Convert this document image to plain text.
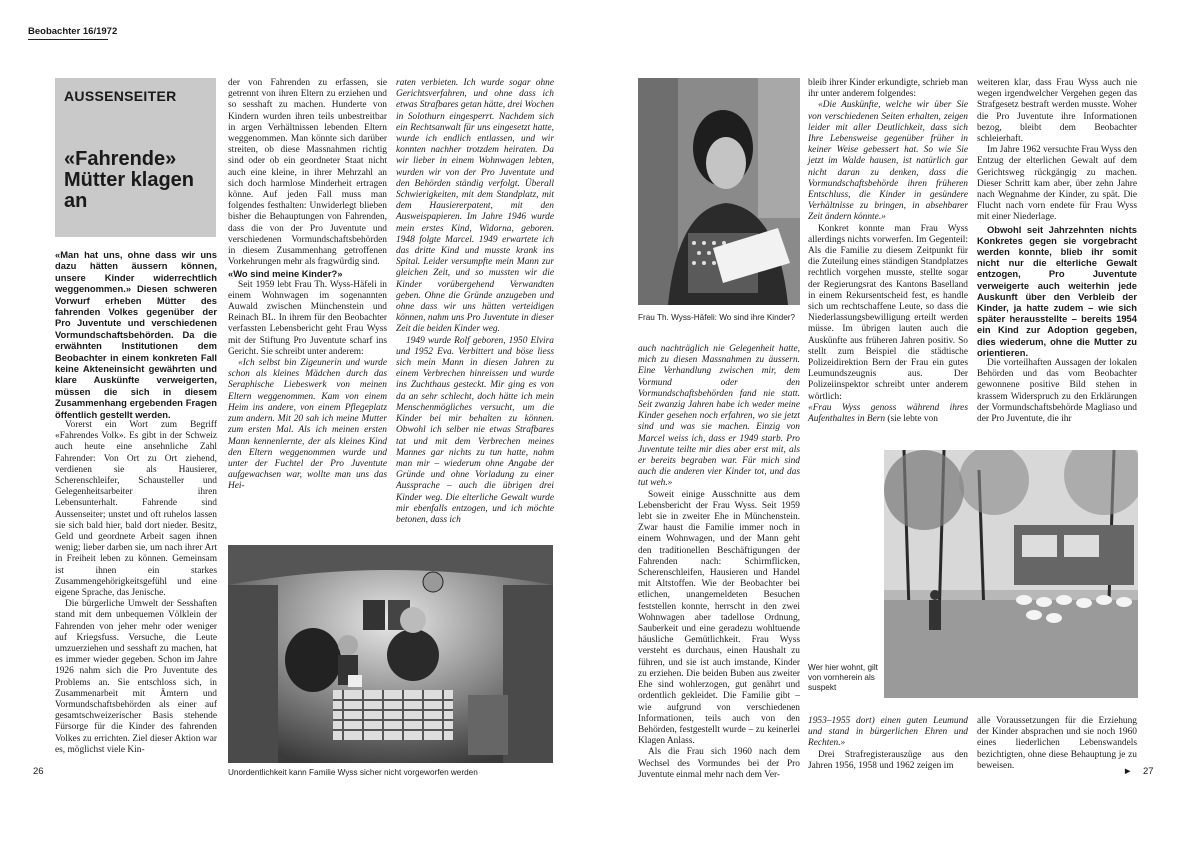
Beobachter 16/1972
AUSSENSEITER
«Fahrende» Mütter klagen an
«Man hat uns, ohne dass wir uns dazu hätten äussern können, unsere Kinder widerrechtlich weggenommen.» Diesen schweren Vorwurf erheben Mütter des fahrenden Volkes gegenüber der Pro Juventute und verschiedenen Vormundschaftsbehörden. Da die erwähnten Institutionen dem Beobachter in einem konkreten Fall keine Akteneinsicht gewährten und klare Auskünfte verweigerten, müssen die sich in diesem Zusammenhang ergebenden Fragen öffentlich gestellt werden.

Vorerst ein Wort zum Begriff «Fahrendes Volk». Es gibt in der Schweiz auch heute eine ansehnliche Zahl Fahrender: Von Ort zu Ort ziehend, verdienen sie als Hausierer, Scherenschleifer, Schausteller und Gelegenheitsarbeiter ihren Lebensunterhalt. Fahrende sind Aussenseiter; unstet und oft ruhelos lassen sie sich bald hier, bald dort nieder. Besitz, Geld und geordnete Arbeit sagen ihnen wenig; lieber darben sie, um nach ihrer Art in Freiheit leben zu können. Gemeinsam ist ihnen ein starkes Zusammengehörigkeitsgefühl und eine eigene Sprache, das Jenische.

Die bürgerliche Umwelt der Sesshaften stand mit dem unbequemen Völklein der Fahrenden von jeher mehr oder weniger auf Kriegsfuss. Versuche, die Leute umzuerziehen und sesshaft zu machen, hat es immer wieder gegeben. Schon im Jahre 1926 nahm sich die Pro Juventute des Problems an. Sie entschloss sich, in Zusammenarbeit mit Ämtern und Vormundschaftsbehörden als einer auf gesamtschweizerischer Basis stehende Fürsorge für die Kinder des fahrenden Volkes zu errichten. Ziel dieser Aktion war es, möglichst viele Kin-

der von Fahrenden zu erfassen, sie getrennt von ihren Eltern zu erziehen und so sesshaft zu machen. Hunderte von Kindern wurden ihren teils unbestreitbar in argen Verhältnissen lebenden Eltern weggenommen. Man könnte sich darüber streiten, ob diese Massnahmen richtig sind oder ob ein geordneter Staat nicht auch eine kleine, in ihrer Mehrzahl an sich doch harmlose Minderheit ertragen könne. Auf jeden Fall muss man folgendes festhalten: Unwiderlegt blieben bisher die Behauptungen von Fahrenden, dass die von der Pro Juventute und verschiedenen Vormundschaftsbehörden in diesem Zusammenhang getroffenen Vorkehrungen mehr als fragwürdig sind.

«Wo sind meine Kinder?»

Seit 1959 lebt Frau Th. Wyss-Häfeli in einem Wohnwagen im sogenannten Auwald zwischen Münchenstein und Reinach BL. In ihrem für den Beobachter verfassten Lebensbericht geht Frau Wyss mit der Stiftung Pro Juventute scharf ins Gericht. Sie schreibt unter anderem:

«Ich selbst bin Zigeunerin und wurde schon als kleines Mädchen durch das Seraphische Liebeswerk von meinen Eltern weggenommen. Kam von einem Heim ins andere, von einem Pflegeplatz zum andern. Mit 20 sah ich meine Mutter zum ersten Mal. Als ich meinen ersten Mann kennenlernte, der als kleines Kind den Eltern weggenommen wurde und unter der Fuchtel der Pro Juventute aufgewachsen war, wollte man uns das Hei-

raten verbieten. Ich wurde sogar ohne Gerichtsverfahren, und ohne dass ich etwas Strafbares getan hätte, drei Wochen in Solothurn eingesperrt. Nachdem sich ein Rechtsanwalt für uns eingesetzt hatte, wurde ich endlich entlassen, und wir konnten nachher trotzdem heiraten. Da wir lieber in einem Wohnwagen lebten, wurden wir von der Pro Juventute und den Behörden ständig verfolgt. Überall Schwierigkeiten, mit dem Standplatz, mit dem Hausiererpatent, mit den Ausweispapieren. Im Jahre 1946 wurde mein erstes Kind, Widorna, geboren. 1948 folgte Marcel. 1949 erwartete ich das dritte Kind und musste krank ins Spital. Leider versumpfte mein Mann zur gleichen Zeit, und so mussten wir die Kinder vorübergehend Verwandten geben. Ohne die Gründe anzugeben und ohne dass wir uns hätten verteidigen können, nahm uns Pro Juventute in dieser Zeit die beiden Kinder weg.

1949 wurde Rolf geboren, 1950 Elvira und 1952 Eva. Verbittert und böse liess sich mein Mann in diesen Jahren zu einem Verbrechen hinreissen und wurde ins Zuchthaus gesteckt. Mir ging es von da an sehr schlecht, doch hätte ich mein Menschenmögliches versucht, um die Kinder bei mir behalten zu können. Obwohl ich selber nie etwas Strafbares tat und mit dem Verbrechen meines Mannes gar nichts zu tun hatte, nahm man mir – wiederum ohne Angabe der Gründe und ohne Vorladung zu einer Aussprache – auch die übrigen drei Kinder weg. Die elterliche Gewalt wurde mir ebenfalls entzogen, und ich möchte betonen, dass ich

Unordentlichkeit kann Familie Wyss sicher nicht vorgeworfen werden
26
Frau Th. Wyss-Häfeli: Wo sind ihre Kinder?

auch nachträglich nie Gelegenheit hatte, mich zu diesen Massnahmen zu äussern. Eine Verhandlung zwischen mir, dem Vormund oder den Vormundschaftsbehörden fand nie statt. Seit zwanzig Jahren habe ich weder meine Kinder gesehen noch erfahren, wo sie jetzt sind und was sie machen. Einzig von Marcel weiss ich, dass er 1949 starb. Pro Juventute teilte mir dies aber erst mit, als er bereits begraben war. Für mich sind auch die anderen vier Kinder tot, und das tut weh.»

Soweit einige Ausschnitte aus dem Lebensbericht der Frau Wyss. Seit 1959 lebt sie in zweiter Ehe in Münchenstein. Zwar haust die Familie immer noch in einem Wohnwagen, und der Mann geht den traditionellen Beschäftigungen der Fahrenden nach: Schirmflicken, Scherenschleifen, Hausieren und Handel mit Altstoffen. Wie der Beobachter bei etlichen, unangemeldeten Besuchen feststellen konnte, herrscht in den zwei Wohnwagen aber tadellose Ordnung, Sauberkeit und eine geradezu wohltuende häusliche Gemütlichkeit. Frau Wyss versteht es durchaus, einen Haushalt zu führen, und sie ist auch imstande, Kinder zu erziehen. Die beiden Buben aus zweiter Ehe sind wohlerzogen, gut genährt und ordentlich gekleidet. Die Familie gibt – wie aufgrund von verschiedenen Informationen, teils auch von den Behörden, festgestellt wurde – zu keinerlei Klagen Anlass.

Als die Frau sich 1960 nach dem Wechsel des Vormundes bei der Pro Juventute einmal mehr nach dem Ver-

bleib ihrer Kinder erkundigte, schrieb man ihr unter anderem folgendes:

«Die Auskünfte, welche wir über Sie von verschiedenen Seiten erhalten, zeigen leider mit aller Deutlichkeit, dass sich Ihre Lebensweise gegenüber früher in keiner Weise gebessert hat. So wie Sie jetzt im Walde hausen, ist natürlich gar nicht daran zu denken, dass die Vormundschaftsbehörde ihren früheren Entschluss, die Kinder in gesündere Verhältnisse zu bringen, in absehbarer Zeit ändern könnte.»

Konkret konnte man Frau Wyss allerdings nichts vorwerfen. Im Gegenteil: Als die Familie zu diesem Zeitpunkt für die Zuteilung eines ständigen Standplatzes rechtlich vorgehen musste, stellte sogar der Regierungsrat des Kantons Baselland in einem Rekursentscheid fest, es handle sich um rechtschaffene Leute, so dass die Niederlassungsbewilligung erteilt werden müsse. Im übrigen lauten auch die Auskünfte aus früheren Jahren positiv. So stellt zum Beispiel die städtische Polizeidirektion Bern der Frau ein gutes Leumundszeugnis aus. Der Polizeiinspektor schreibt unter anderem wörtlich:

«Frau Wyss genoss während ihres Aufenthaltes in Bern (sie lebte von

weiteren klar, dass Frau Wyss auch nie wegen irgendwelcher Vergehen gegen das Strafgesetz bestraft werden musste. Woher die Pro Juventute ihre Informationen bezog, bleibt dem Beobachter schleierhaft.

Im Jahre 1962 versuchte Frau Wyss den Entzug der elterlichen Gewalt auf dem Gerichtsweg rückgängig zu machen. Dieser Schritt kam aber, über zehn Jahre nach Wegnahme der Kinder, zu spät. Die Flucht nach vorn endete für Frau Wyss mit einer Niederlage.

Obwohl seit Jahrzehnten nichts Konkretes gegen sie vorgebracht werden konnte, blieb ihr somit nicht nur die elterliche Gewalt entzogen, Pro Juventute verweigerte auch weiterhin jede Auskunft über den Verbleib der Kinder, ja hatte zudem – wie sich später herausstellte – bereits 1954 ein Kind zur Adoption gegeben, dies wiederum, ohne die Mutter zu orientieren.

Die vorteilhaften Aussagen der lokalen Behörden und das vom Beobachter gewonnene positive Bild stehen in krassem Widerspruch zu den Erklärungen der Vormundschaftsbehörde Magliaso und der Pro Juventute, die ihr

Wer hier wohnt, gilt von vornherein als suspekt

1953–1955 dort) einen guten Leumund und stand in bürgerlichen Ehren und Rechten.»

Drei Strafregisterauszüge aus den Jahren 1956, 1958 und 1962 zeigen im

alle Voraussetzungen für die Erziehung der Kinder absprachen und sie noch 1960 eines liederlichen Lebenswandels bezichtigten, ohne diese Behauptung je zu beweisen.

► 27
